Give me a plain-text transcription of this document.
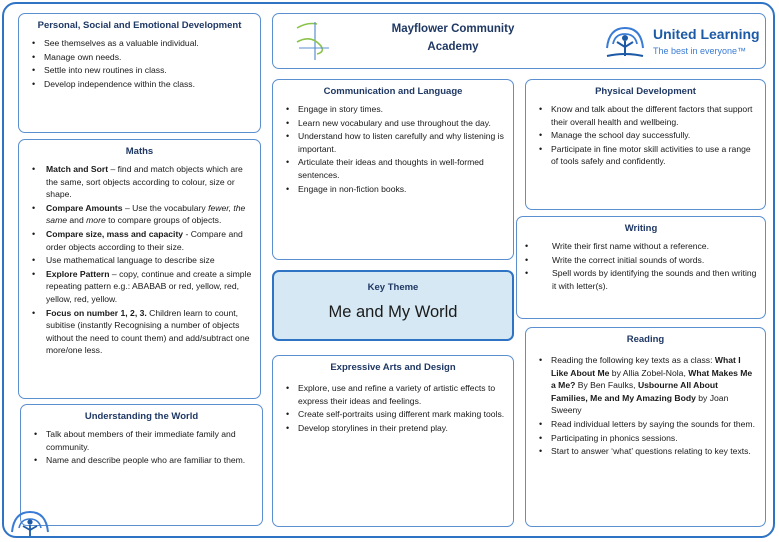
Mayflower Community
Academy
United Learning
The best in everyone™
Personal, Social and Emotional Development
• See themselves as a valuable individual.
• Manage own needs.
• Settle into new routines in class.
• Develop independence within the class.
Maths
• Match and Sort – find and match objects which are the same, sort objects according to colour, size or shape.
• Compare Amounts – Use the vocabulary fewer, the same and more to compare groups of objects.
• Compare size, mass and capacity - Compare and order objects according to their size.
• Use mathematical language to describe size
• Explore Pattern – copy, continue and create a simple repeating pattern e.g.: ABABAB or red, yellow, red, yellow, red, yellow.
• Focus on number 1, 2, 3. Children learn to count, subitise (instantly Recognising a number of objects without the need to count them) and add/subtract one more/one less.
Understanding the World
• Talk about members of their immediate family and community.
• Name and describe people who are familiar to them.
Communication and Language
• Engage in story times.
• Learn new vocabulary and use throughout the day.
• Understand how to listen carefully and why listening is important.
• Articulate their ideas and thoughts in well-formed sentences.
• Engage in non-fiction books.
Key Theme
Me and My World
Expressive Arts and Design
• Explore, use and refine a variety of artistic effects to express their ideas and feelings.
• Create self-portraits using different mark making tools.
• Develop storylines in their pretend play.
Physical Development
• Know and talk about the different factors that support their overall health and wellbeing.
• Manage the school day successfully.
• Participate in fine motor skill activities to use a range of tools safely and confidently.
Writing
• Write their first name without a reference.
• Write the correct initial sounds of words.
• Spell words by identifying the sounds and then writing it with letter(s).
Reading
• Reading the following key texts as a class: What I Like About Me by Allia Zobel-Nola, What Makes Me a Me? By Ben Faulks, Usbourne All About Families, Me and My Amazing Body by Joan Sweeny
• Read individual letters by saying the sounds for them.
• Participating in phonics sessions.
• Start to answer ‘what’ questions relating to key texts.
